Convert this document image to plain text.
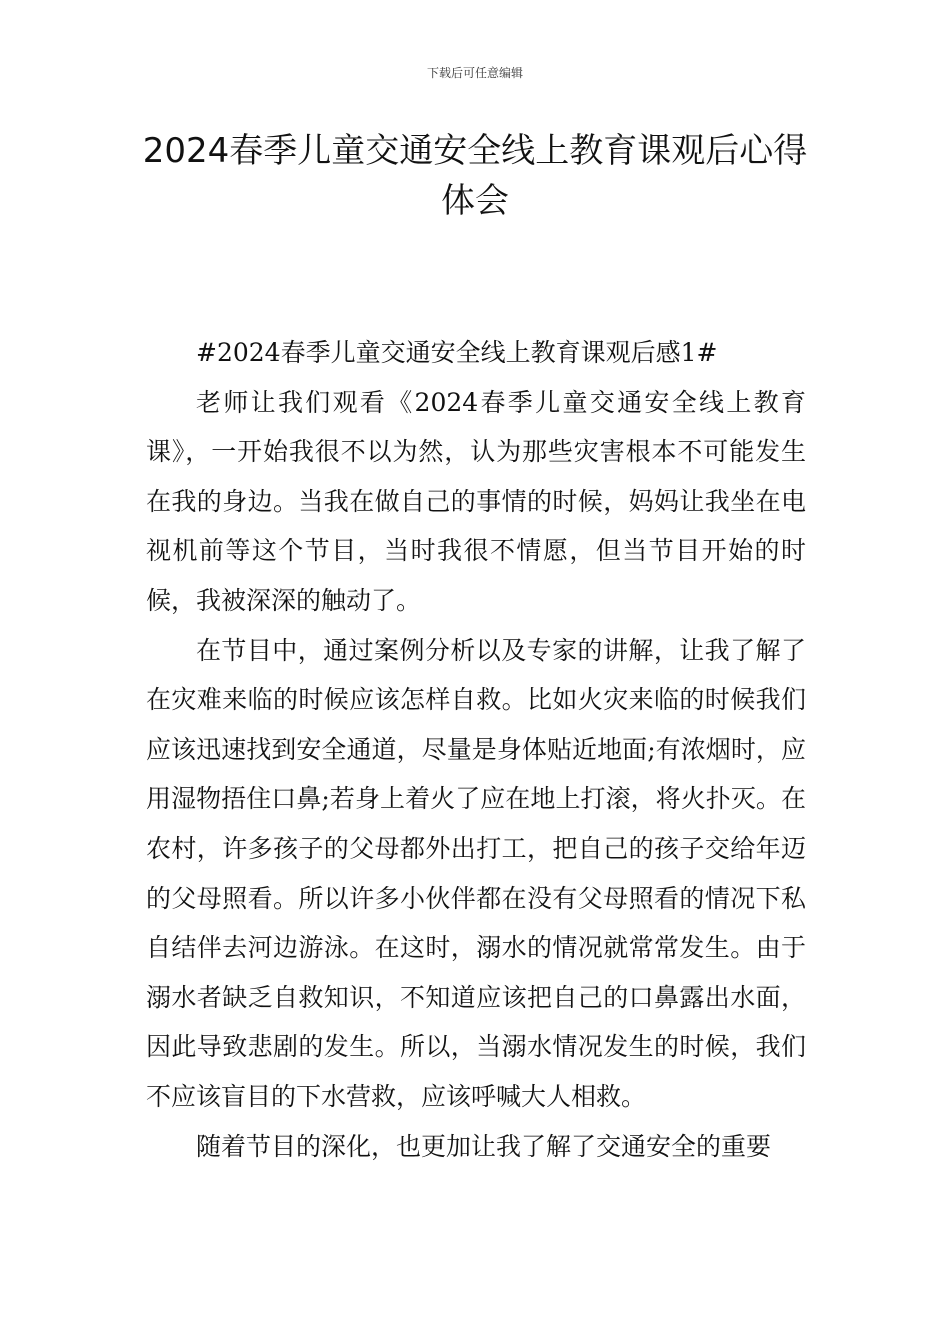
下载后可任意编辑
2024春季儿童交通安全线上教育课观后心得体会

#2024春季儿童交通安全线上教育课观后感1#

老师让我们观看《2024春季儿童交通安全线上教育课》，一开始我很不以为然，认为那些灾害根本不可能发生在我的身边。当我在做自己的事情的时候，妈妈让我坐在电视机前等这个节目，当时我很不情愿，但当节目开始的时候，我被深深的触动了。

在节目中，通过案例分析以及专家的讲解，让我了解了在灾难来临的时候应该怎样自救。比如火灾来临的时候我们应该迅速找到安全通道，尽量是身体贴近地面;有浓烟时，应用湿物捂住口鼻;若身上着火了应在地上打滚，将火扑灭。在农村，许多孩子的父母都外出打工，把自己的孩子交给年迈的父母照看。所以许多小伙伴都在没有父母照看的情况下私自结伴去河边游泳。在这时，溺水的情况就常常发生。由于溺水者缺乏自救知识，不知道应该把自己的口鼻露出水面，因此导致悲剧的发生。所以，当溺水情况发生的时候，我们不应该盲目的下水营救，应该呼喊大人相救。

随着节目的深化，也更加让我了解了交通安全的重要
